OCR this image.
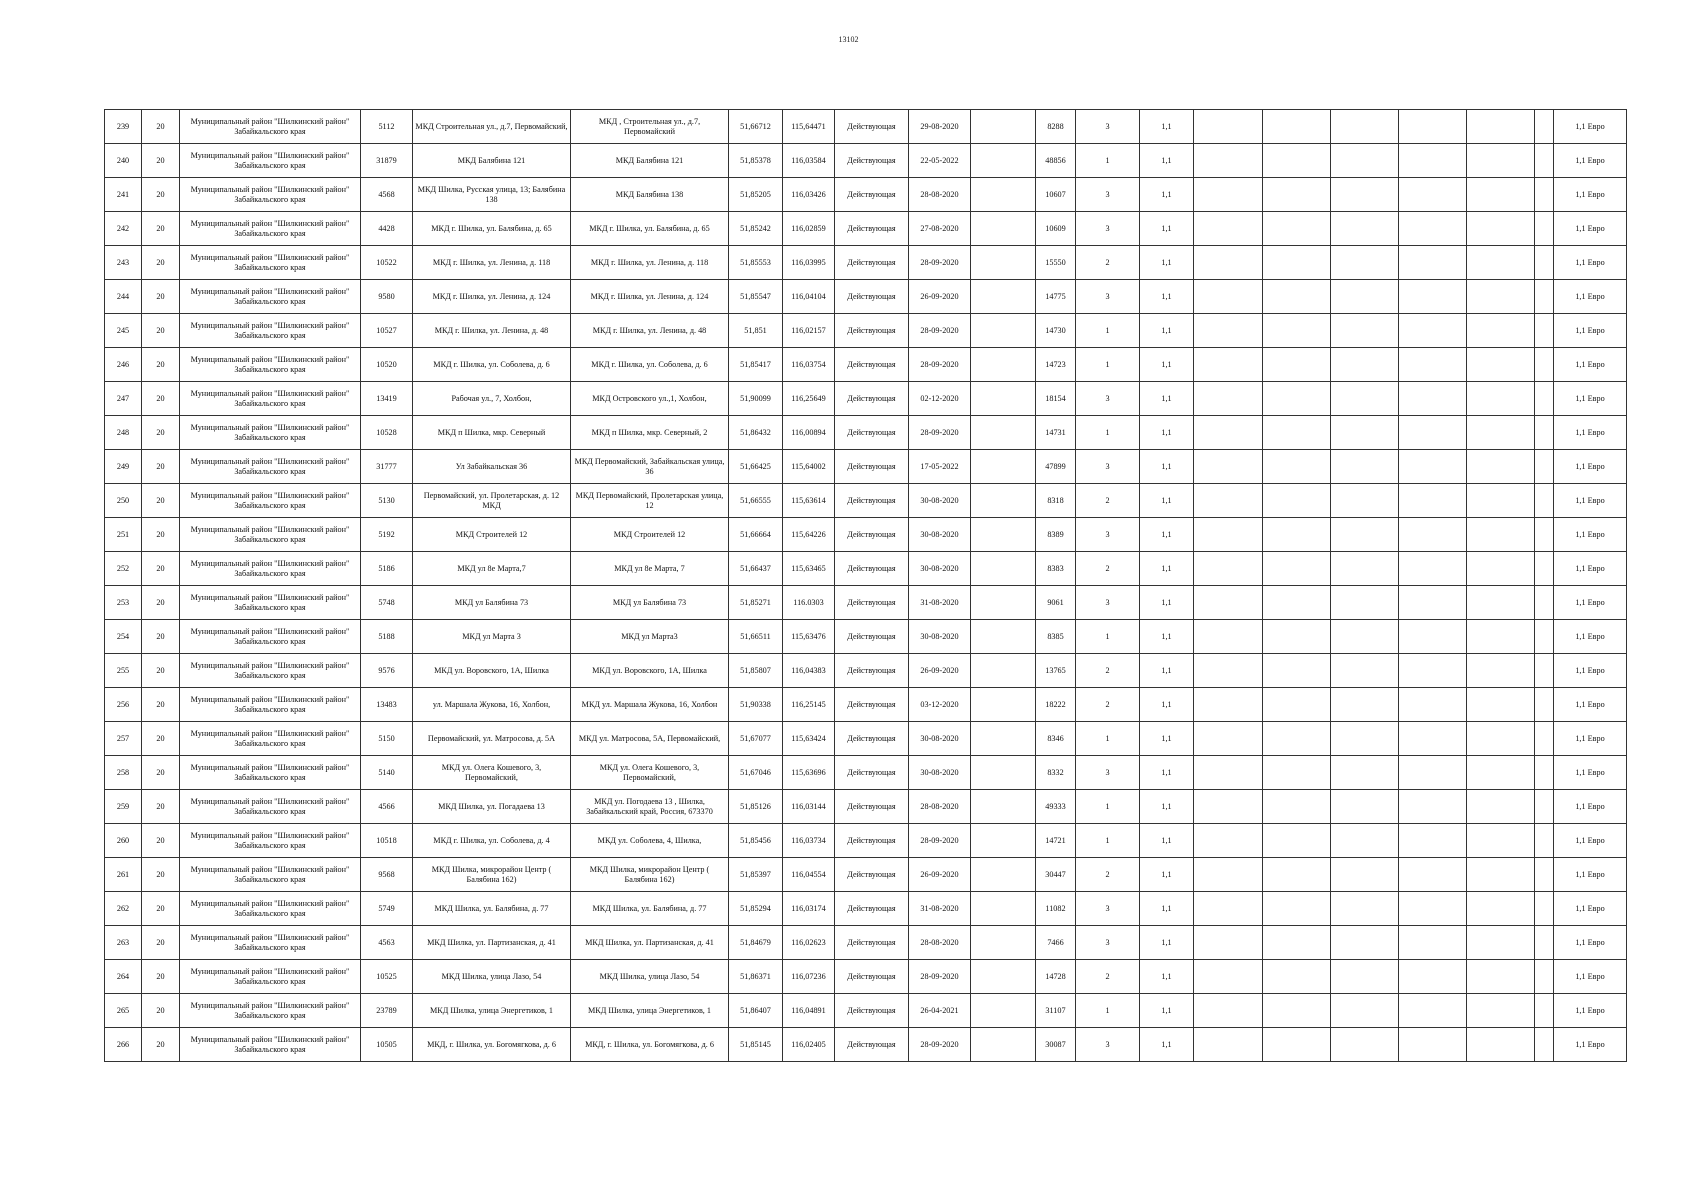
13102
239	20	Муниципальный район "Шилкинский район" Забайкальского края	5112	МКД Строительная ул., д.7, Первомайский,	МКД , Строительная ул., д.7, Первомайский	51,66712	115,64471	Действующая	29-08-2020		8288	3	1,1							1,1 Евро
240	20	Муниципальный район "Шилкинский район" Забайкальского края	31879	МКД Балябина 121	МКД Балябина 121	51,85378	116,03584	Действующая	22-05-2022		48856	1	1,1							1,1 Евро
241	20	Муниципальный район "Шилкинский район" Забайкальского края	4568	МКД Шилка, Русская улица, 13; Балябина 138	МКД Балябина 138	51,85205	116,03426	Действующая	28-08-2020		10607	3	1,1							1,1 Евро
242	20	Муниципальный район "Шилкинский район" Забайкальского края	4428	МКД г. Шилка, ул. Балябина, д. 65	МКД г. Шилка, ул. Балябина, д. 65	51,85242	116,02859	Действующая	27-08-2020		10609	3	1,1							1,1 Евро
243	20	Муниципальный район "Шилкинский район" Забайкальского края	10522	МКД г. Шилка, ул. Ленина, д. 118	МКД г. Шилка, ул. Ленина, д. 118	51,85553	116,03995	Действующая	28-09-2020		15550	2	1,1							1,1 Евро
244	20	Муниципальный район "Шилкинский район" Забайкальского края	9580	МКД г. Шилка, ул. Ленина, д. 124	МКД г. Шилка, ул. Ленина, д. 124	51,85547	116,04104	Действующая	26-09-2020		14775	3	1,1							1,1 Евро
245	20	Муниципальный район "Шилкинский район" Забайкальского края	10527	МКД г. Шилка, ул. Ленина, д. 48	МКД г. Шилка, ул. Ленина, д. 48	51,851	116,02157	Действующая	28-09-2020		14730	1	1,1							1,1 Евро
246	20	Муниципальный район "Шилкинский район" Забайкальского края	10520	МКД г. Шилка, ул. Соболева, д. 6	МКД г. Шилка, ул. Соболева, д. 6	51,85417	116,03754	Действующая	28-09-2020		14723	1	1,1							1,1 Евро
247	20	Муниципальный район "Шилкинский район" Забайкальского края	13419	Рабочая ул., 7, Холбон,	МКД Островского ул.,1, Холбон,	51,90099	116,25649	Действующая	02-12-2020		18154	3	1,1							1,1 Евро
248	20	Муниципальный район "Шилкинский район" Забайкальского края	10528	МКД п Шилка, мкр. Северный	МКД п Шилка, мкр. Северный, 2	51,86432	116,00894	Действующая	28-09-2020		14731	1	1,1							1,1 Евро
249	20	Муниципальный район "Шилкинский район" Забайкальского края	31777	Ул Забайкальская 36	МКД Первомайский, Забайкальская улица, 36	51,66425	115,64002	Действующая	17-05-2022		47899	3	1,1							1,1 Евро
250	20	Муниципальный район "Шилкинский район" Забайкальского края	5130	Первомайский, ул. Пролетарская, д. 12 МКД	МКД Первомайский, Пролетарская улица, 12	51,66555	115,63614	Действующая	30-08-2020		8318	2	1,1							1,1 Евро
251	20	Муниципальный район "Шилкинский район" Забайкальского края	5192	МКД Строителей 12	МКД Строителей 12	51,66664	115,64226	Действующая	30-08-2020		8389	3	1,1							1,1 Евро
252	20	Муниципальный район "Шилкинский район" Забайкальского края	5186	МКД ул 8е Марта,7	МКД ул 8е Марта, 7	51,66437	115,63465	Действующая	30-08-2020		8383	2	1,1							1,1 Евро
253	20	Муниципальный район "Шилкинский район" Забайкальского края	5748	МКД ул Балябина 73	МКД ул Балябина 73	51,85271	116.0303	Действующая	31-08-2020		9061	3	1,1							1,1 Евро
254	20	Муниципальный район "Шилкинский район" Забайкальского края	5188	МКД ул Марта 3	МКД ул Марта3	51,66511	115,63476	Действующая	30-08-2020		8385	1	1,1							1,1 Евро
255	20	Муниципальный район "Шилкинский район" Забайкальского края	9576	МКД ул. Воровского, 1А, Шилка	МКД ул. Воровского, 1А, Шилка	51,85807	116,04383	Действующая	26-09-2020		13765	2	1,1							1,1 Евро
256	20	Муниципальный район "Шилкинский район" Забайкальского края	13483	ул. Маршала Жукова, 16, Холбон,	МКД ул. Маршала Жукова, 16, Холбон	51,90338	116,25145	Действующая	03-12-2020		18222	2	1,1							1,1 Евро
257	20	Муниципальный район "Шилкинский район" Забайкальского края	5150	Первомайский, ул. Матросова, д. 5А	МКД ул. Матросова, 5А, Первомайский,	51,67077	115,63424	Действующая	30-08-2020		8346	1	1,1							1,1 Евро
258	20	Муниципальный район "Шилкинский район" Забайкальского края	5140	МКД ул. Олега Кошевого, 3, Первомайский,	МКД ул. Олега Кошевого, 3, Первомайский,	51,67046	115,63696	Действующая	30-08-2020		8332	3	1,1							1,1 Евро
259	20	Муниципальный район "Шилкинский район" Забайкальского края	4566	МКД Шилка, ул. Погадаева 13	МКД ул. Погодаева 13 , Шилка, Забайкальский край, Россия, 673370	51,85126	116,03144	Действующая	28-08-2020		49333	1	1,1							1,1 Евро
260	20	Муниципальный район "Шилкинский район" Забайкальского края	10518	МКД г. Шилка, ул. Соболева, д. 4	МКД ул. Соболева, 4, Шилка,	51,85456	116,03734	Действующая	28-09-2020		14721	1	1,1							1,1 Евро
261	20	Муниципальный район "Шилкинский район" Забайкальского края	9568	МКД Шилка, микрорайон Центр ( Балябина 162)	МКД Шилка, микрорайон Центр ( Балябина 162)	51,85397	116,04554	Действующая	26-09-2020		30447	2	1,1							1,1 Евро
262	20	Муниципальный район "Шилкинский район" Забайкальского края	5749	МКД Шилка, ул. Балябина, д. 77	МКД Шилка, ул. Балябина, д. 77	51,85294	116,03174	Действующая	31-08-2020		11082	3	1,1							1,1 Евро
263	20	Муниципальный район "Шилкинский район" Забайкальского края	4563	МКД Шилка, ул. Партизанская, д. 41	МКД Шилка, ул. Партизанская, д. 41	51,84679	116,02623	Действующая	28-08-2020		7466	3	1,1							1,1 Евро
264	20	Муниципальный район "Шилкинский район" Забайкальского края	10525	МКД Шилка, улица Лазо, 54	МКД Шилка, улица Лазо, 54	51,86371	116,07236	Действующая	28-09-2020		14728	2	1,1							1,1 Евро
265	20	Муниципальный район "Шилкинский район" Забайкальского края	23789	МКД Шилка, улица Энергетиков, 1	МКД Шилка, улица Энергетиков, 1	51,86407	116,04891	Действующая	26-04-2021		31107	1	1,1							1,1 Евро
266	20	Муниципальный район "Шилкинский район" Забайкальского края	10505	МКД, г. Шилка, ул. Богомягкова, д. 6	МКД, г. Шилка, ул. Богомягкова, д. 6	51,85145	116,02405	Действующая	28-09-2020		30087	3	1,1							1,1 Евро
